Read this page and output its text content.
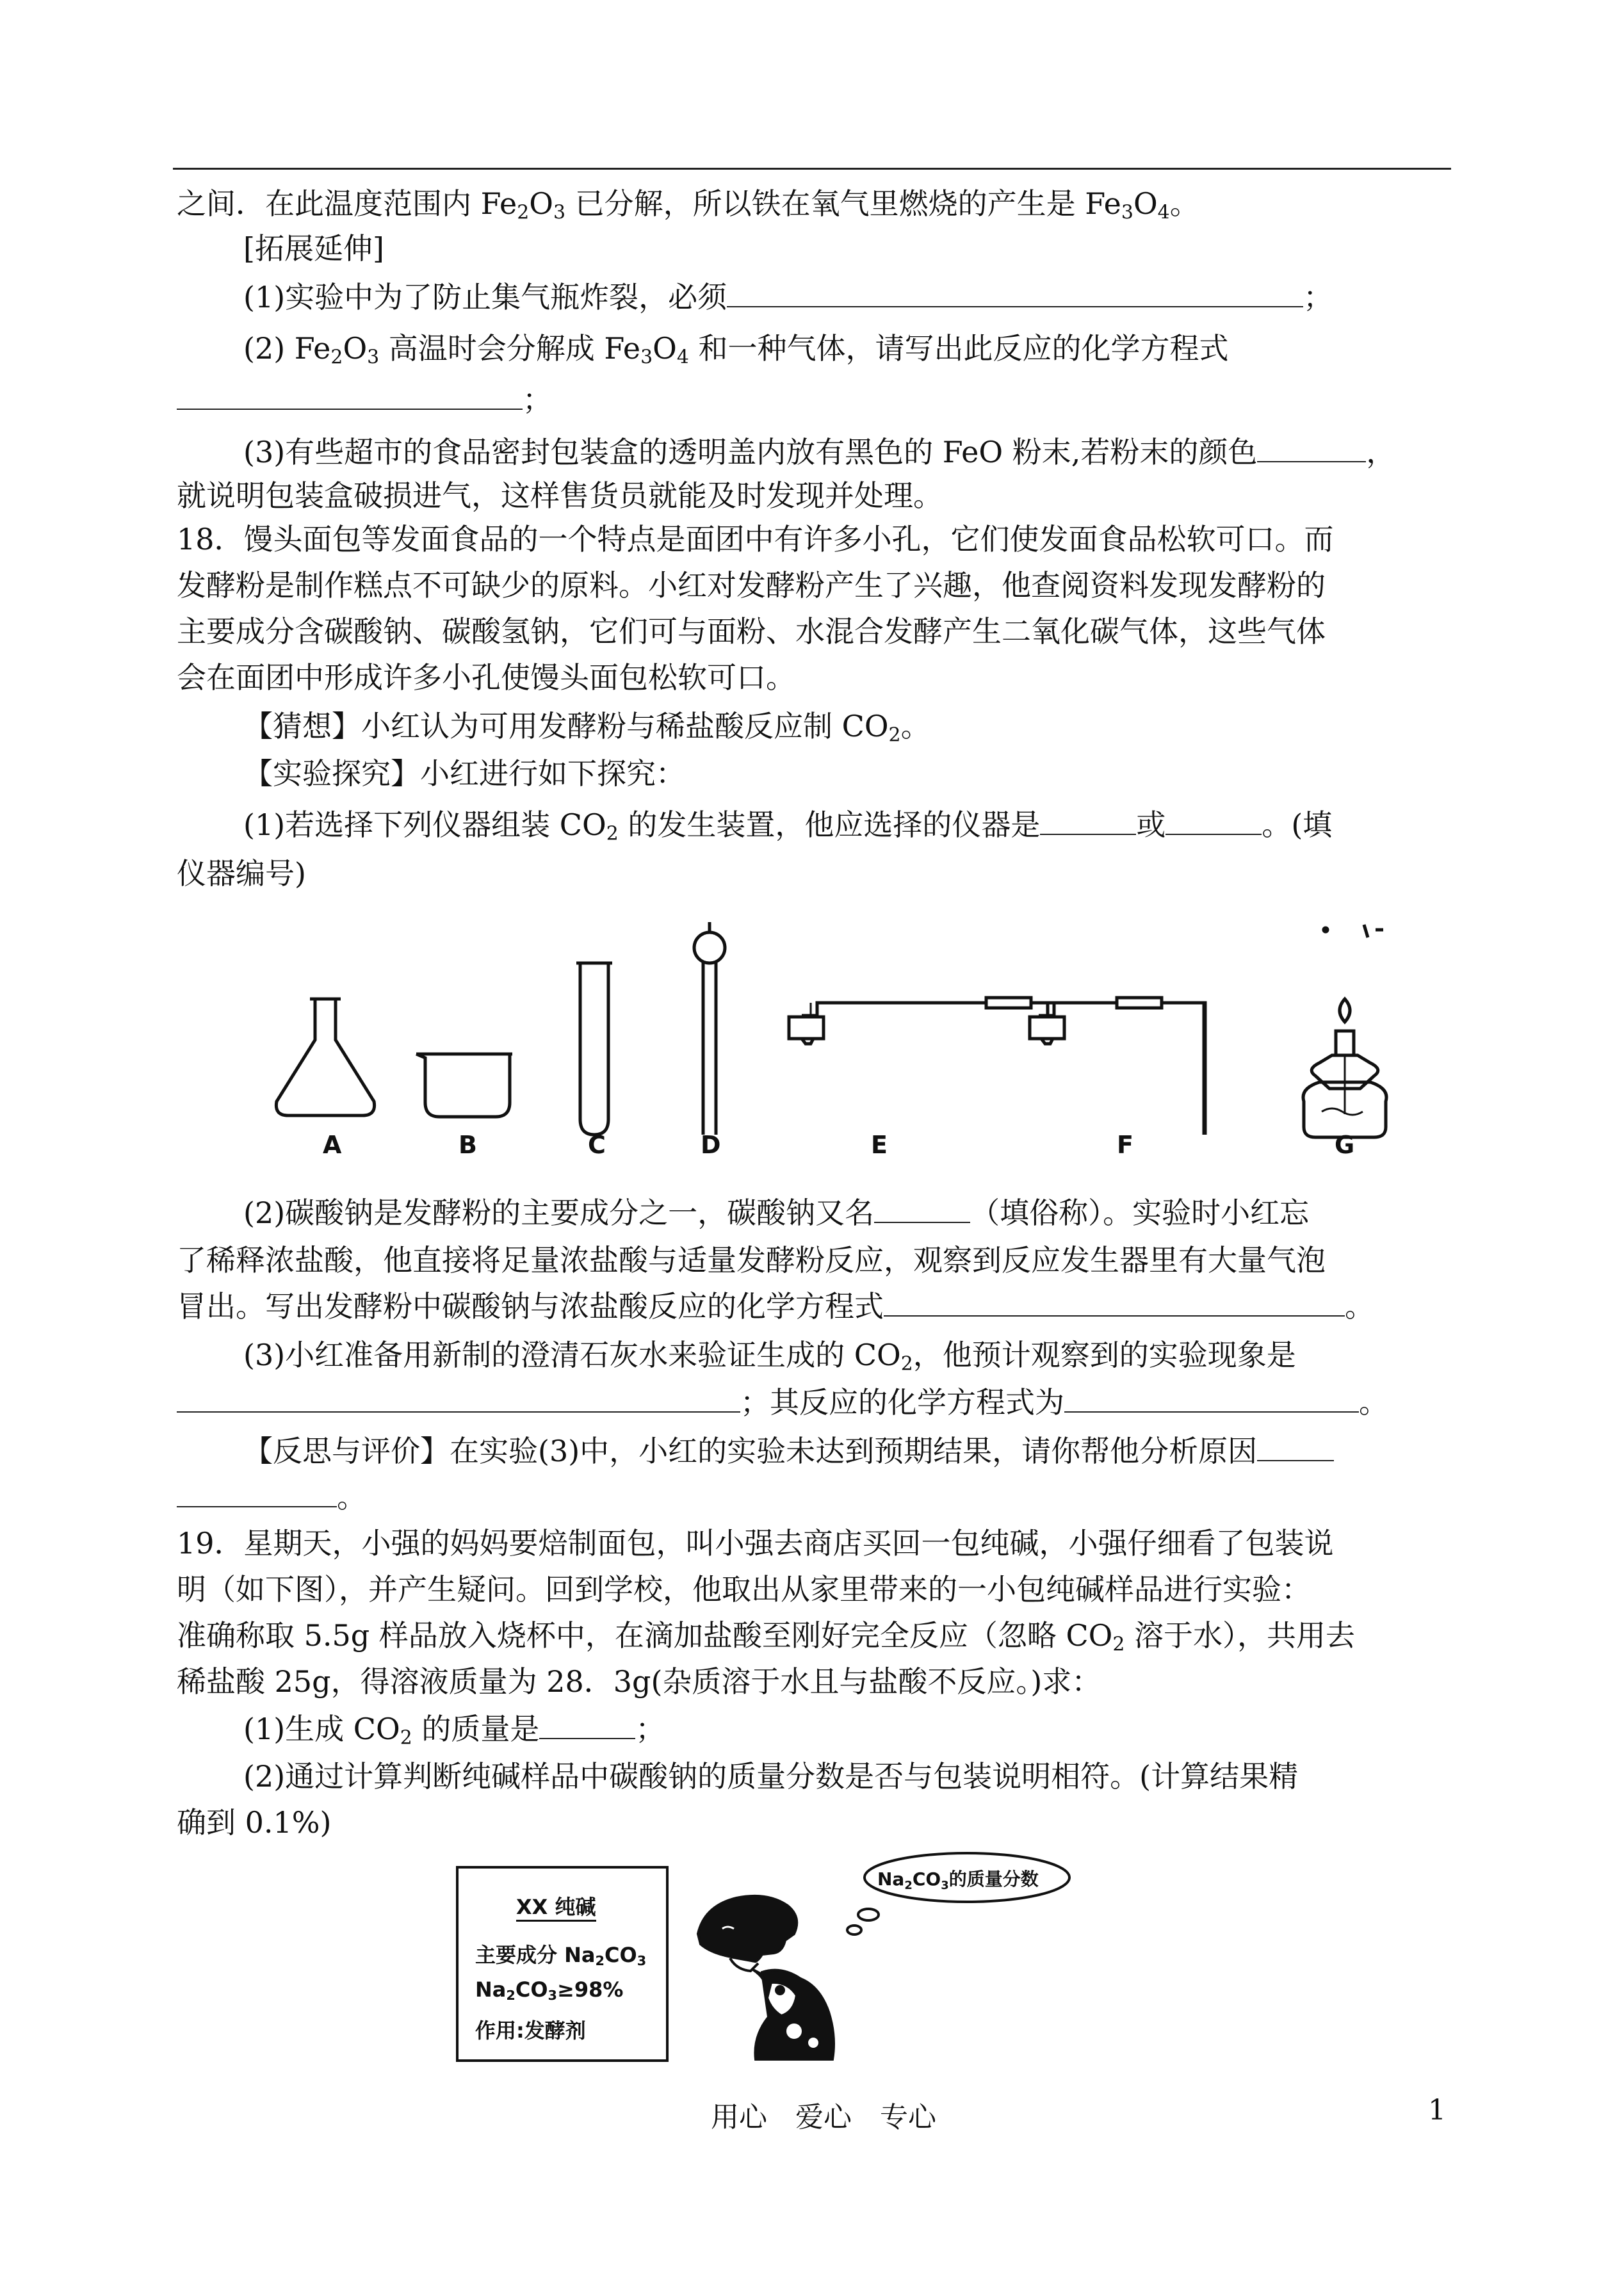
之间．在此温度范围内 $Fe_2O_3$ 已分解，所以铁在氧气里燃烧的产生是 $Fe_3O_4$。
[拓展延伸]
(1)实验中为了防止集气瓶炸裂，必须	；
(2) $Fe_2O_3$ 高温时会分解成 $Fe_3O_4$ 和一种气体，请写出此反应的化学方程式
；
(3)有些超市的食品密封包装盒的透明盖内放有黑色的 FeO 粉末,若粉末的颜色	，
就说明包装盒破损进气，这样售货员就能及时发现并处理。
18．馒头面包等发面食品的一个特点是面团中有许多小孔，它们使发面食品松软可口。而
发酵粉是制作糕点不可缺少的原料。小红对发酵粉产生了兴趣，他查阅资料发现发酵粉的
主要成分含碳酸钠、碳酸氢钠，它们可与面粉、水混合发酵产生二氧化碳气体，这些气体
会在面团中形成许多小孔使馒头面包松软可口。
【猜想】小红认为可用发酵粉与稀盐酸反应制 $CO_2$。
【实验探究】小红进行如下探究：
(1)若选择下列仪器组装 $CO_2$ 的发生装置，他应选择的仪器是	或	。(填
仪器编号)
A	B	C	D	E	F	G
(2)碳酸钠是发酵粉的主要成分之一，碳酸钠又名	（填俗称）。实验时小红忘
了稀释浓盐酸，他直接将足量浓盐酸与适量发酵粉反应，观察到反应发生器里有大量气泡
冒出。写出发酵粉中碳酸钠与浓盐酸反应的化学方程式	。
(3)小红准备用新制的澄清石灰水来验证生成的 $CO_2$，他预计观察到的实验现象是
；其反应的化学方程式为	。
【反思与评价】在实验(3)中，小红的实验未达到预期结果，请你帮他分析原因
。
19．星期天，小强的妈妈要焙制面包，叫小强去商店买回一包纯碱，小强仔细看了包装说
明（如下图），并产生疑问。回到学校，他取出从家里带来的一小包纯碱样品进行实验：
准确称取 5.5g 样品放入烧杯中，在滴加盐酸至刚好完全反应（忽略 $CO_2$ 溶于水），共用去
稀盐酸 25g，得溶液质量为 28．3g(杂质溶于水且与盐酸不反应。)求：
(1)生成 $CO_2$ 的质量是	；
(2)通过计算判断纯碱样品中碳酸钠的质量分数是否与包装说明相符。(计算结果精
确到 0.1%)
XX 纯碱
主要成分 $Na_2CO_3$
$Na_2CO_3\ge 98\%$
作用:发酵剂
$Na_2CO_3$的质量分数
用心　爱心　专心	1
